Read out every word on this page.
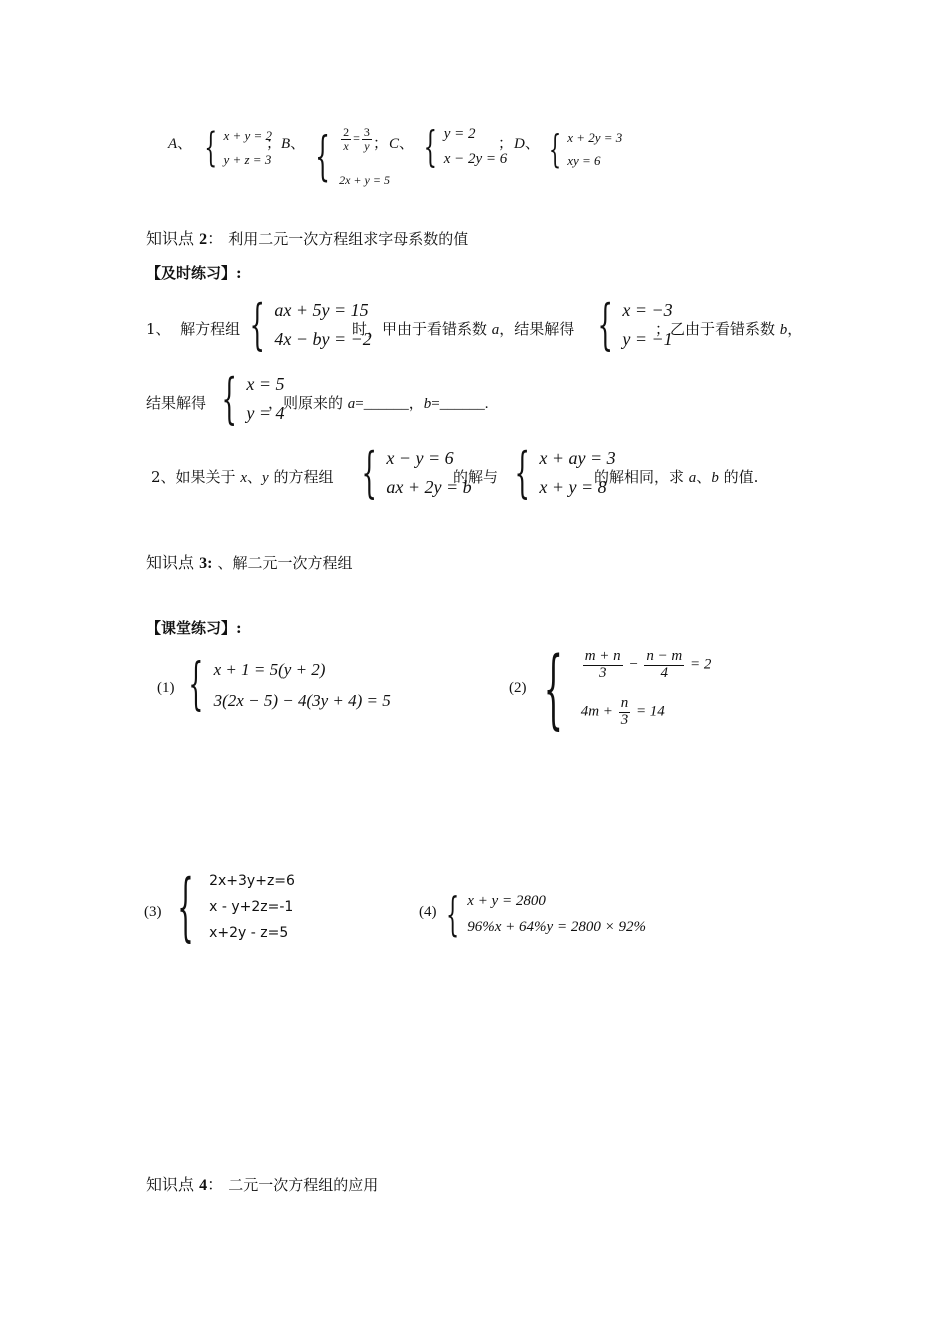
A、 { x + y = 2
y + z = 3
； B、 { $\frac{2}{x} = \frac{3}{y}$
2x + y = 5
； C、 { y = 2
x − 2y = 6
； D、 { x + 2y = 3
xy = 6
知识点 2： 利用二元一次方程组求字母系数的值
【及时练习】:
1、 解方程组 { ax + 5y = 15
4x − by = −2
时，甲由于看错系数 a，结果解得 { x = −3
y = −1
；乙由于看错系数 b，
结果解得 { x = 5
y = 4
，则原来的 a=______，b=______.
2、如果关于 x、y 的方程组 { x − y = 6
ax + 2y = b
的解与 { x + ay = 3
x + y = 8
的解相同，求 a、b 的值.
知识点 3: 、解二元一次方程组
【课堂练习】:
(1) { x + 1 = 5(y + 2)
3(2x − 5) − 4(3y + 4) = 5
(2) { $\frac{m + n}{3} - \frac{n - m}{4} = 2$
$4m + \frac{n}{3} = 14$
(3) { 2x+3y+z=6
x - y+2z=-1
x+2y - z=5
(4) { x + y = 2800
96%x + 64%y = 2800 × 92%
知识点 4： 二元一次方程组的应用
